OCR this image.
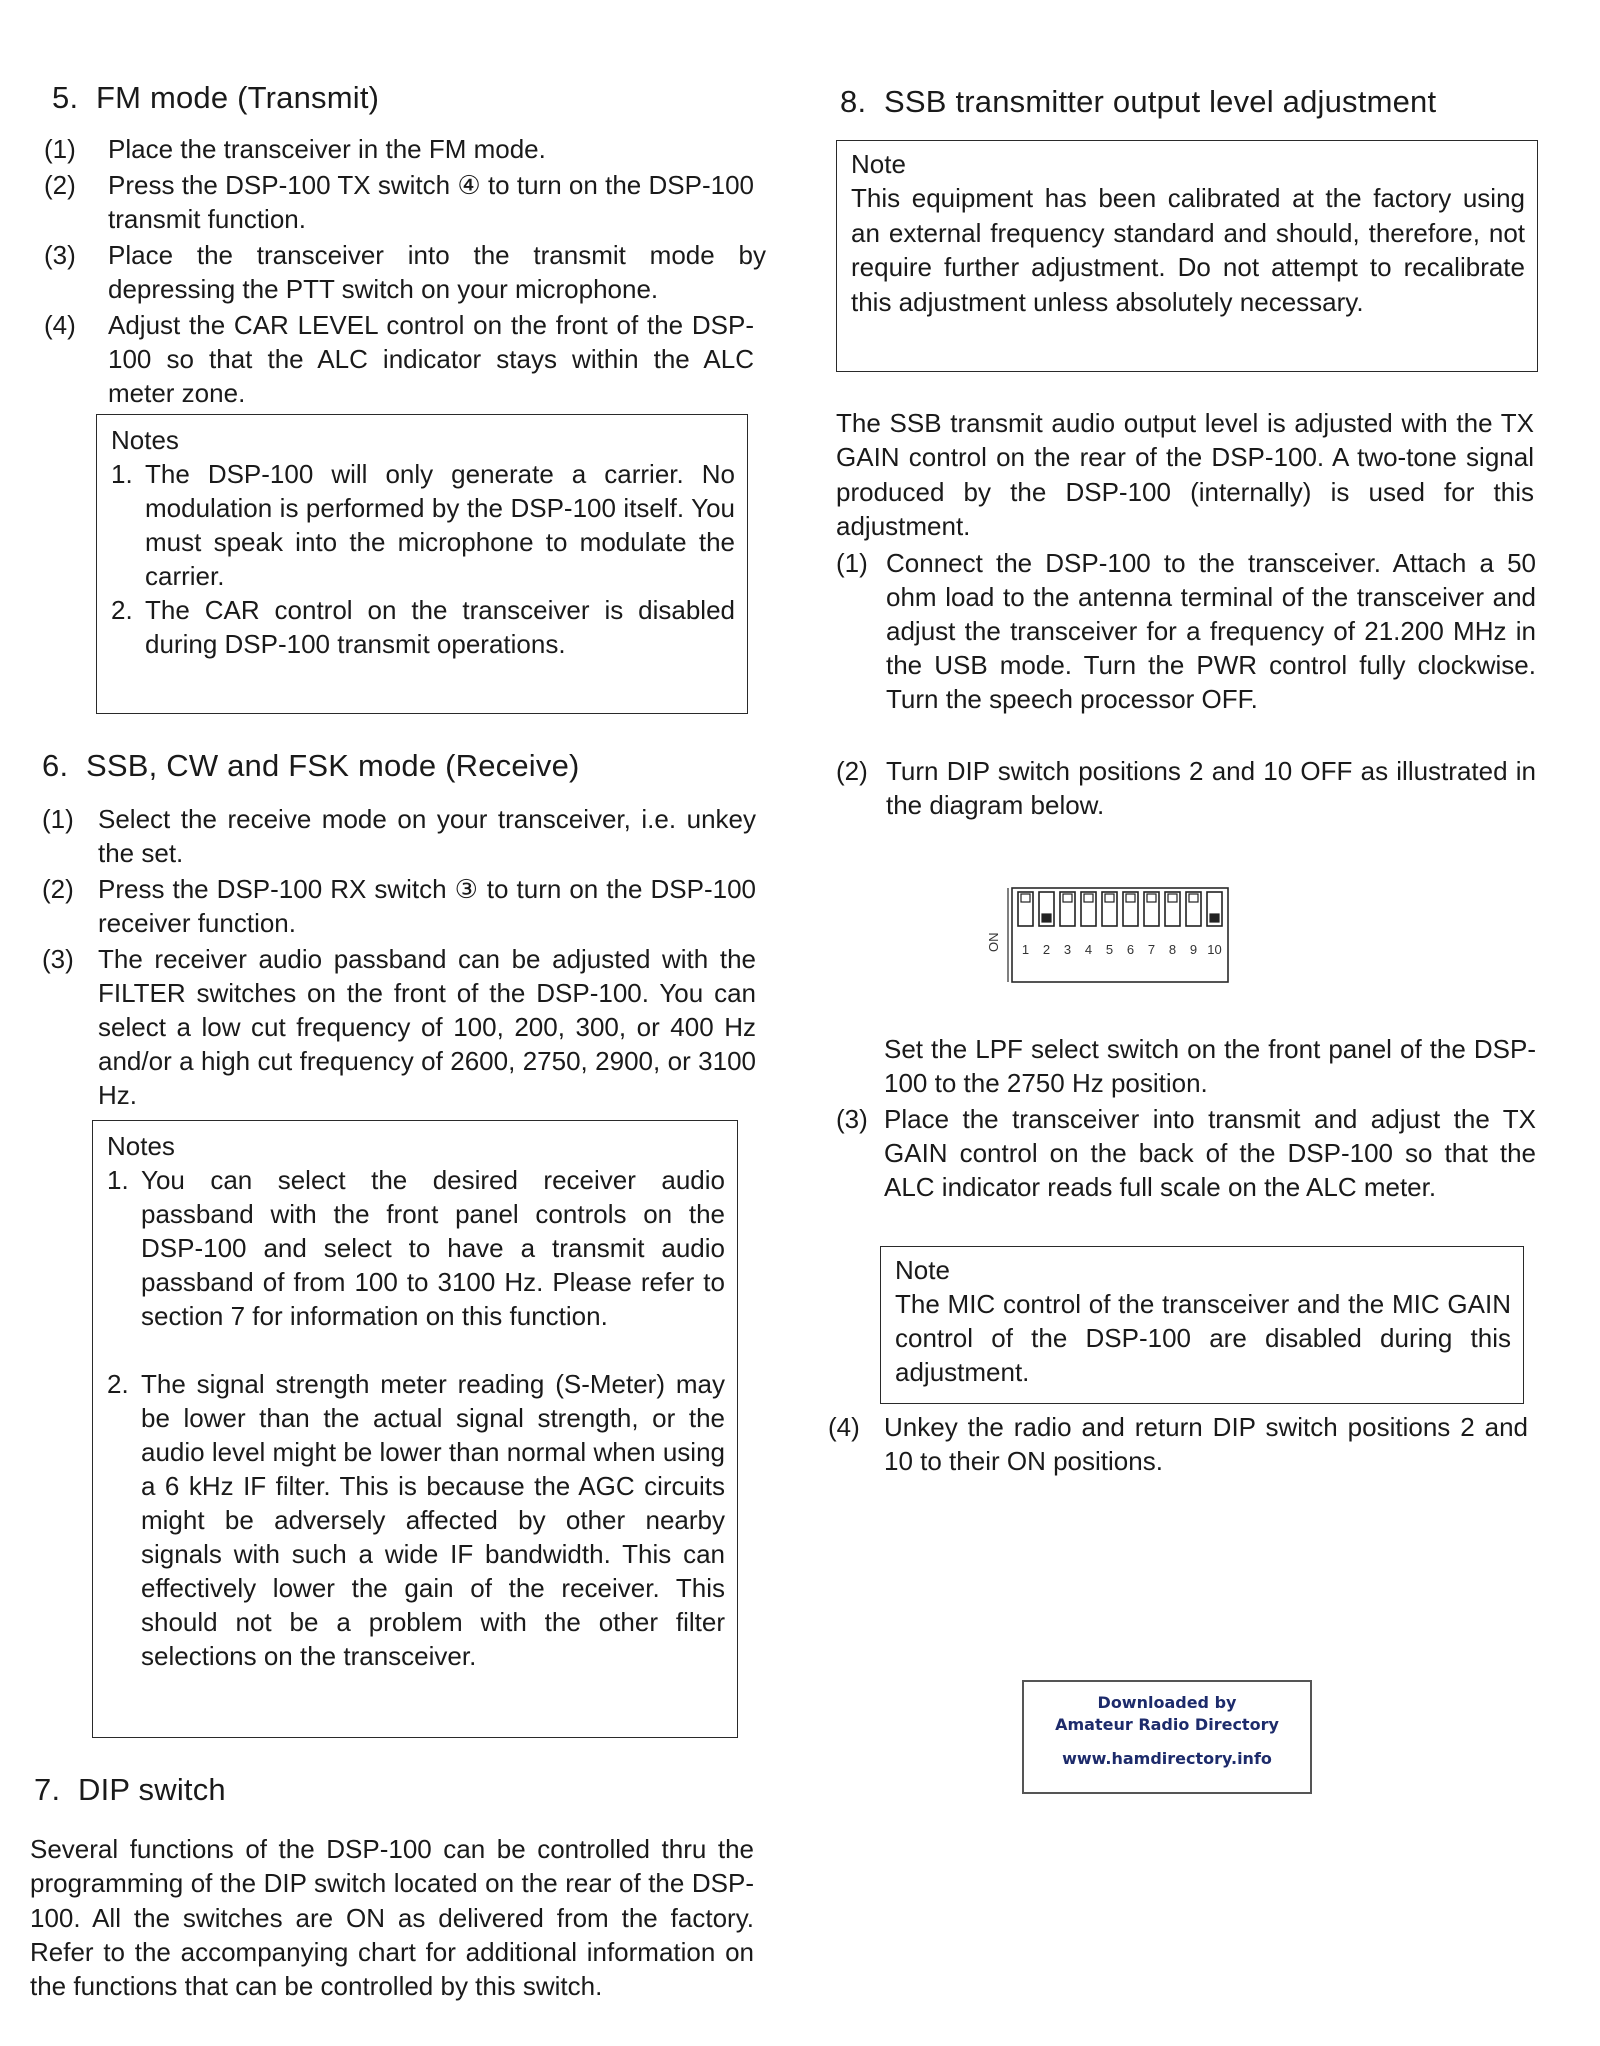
5. FM mode (Transmit)
(1) Place the transceiver in the FM mode.
(2) Press the DSP-100 TX switch ④ to turn on the DSP-100 transmit function.
(3) Place the transceiver into the transmit mode by depressing the PTT switch on your microphone.
(4) Adjust the CAR LEVEL control on the front of the DSP-100 so that the ALC indicator stays within the ALC meter zone.
Notes
1. The DSP-100 will only generate a carrier. No modulation is performed by the DSP-100 itself. You must speak into the microphone to modulate the carrier.
2. The CAR control on the transceiver is disabled during DSP-100 transmit operations.
6. SSB, CW and FSK mode (Receive)
(1) Select the receive mode on your transceiver, i.e. unkey the set.
(2) Press the DSP-100 RX switch ③ to turn on the DSP-100 receiver function.
(3) The receiver audio passband can be adjusted with the FILTER switches on the front of the DSP-100. You can select a low cut frequency of 100, 200, 300, or 400 Hz and/or a high cut frequency of 2600, 2750, 2900, or 3100 Hz.
Notes
1. You can select the desired receiver audio passband with the front panel controls on the DSP-100 and select to have a transmit audio passband of from 100 to 3100 Hz. Please refer to section 7 for information on this function.
2. The signal strength meter reading (S-Meter) may be lower than the actual signal strength, or the audio level might be lower than normal when using a 6 kHz IF filter. This is because the AGC circuits might be adversely affected by other nearby signals with such a wide IF bandwidth. This can effectively lower the gain of the receiver. This should not be a problem with the other filter selections on the transceiver.
7. DIP switch
Several functions of the DSP-100 can be controlled thru the programming of the DIP switch located on the rear of the DSP-100. All the switches are ON as delivered from the factory. Refer to the accompanying chart for additional information on the functions that can be controlled by this switch.
8. SSB transmitter output level adjustment
Note
This equipment has been calibrated at the factory using an external frequency standard and should, therefore, not require further adjustment. Do not attempt to recalibrate this adjustment unless absolutely necessary.
The SSB transmit audio output level is adjusted with the TX GAIN control on the rear of the DSP-100. A two-tone signal produced by the DSP-100 (internally) is used for this adjustment.
(1) Connect the DSP-100 to the transceiver. Attach a 50 ohm load to the antenna terminal of the transceiver and adjust the transceiver for a frequency of 21.200 MHz in the USB mode. Turn the PWR control fully clockwise. Turn the speech processor OFF.
(2) Turn DIP switch positions 2 and 10 OFF as illustrated in the diagram below.
ON 1 2 3 4 5 6 7 8 9 10
Set the LPF select switch on the front panel of the DSP-100 to the 2750 Hz position.
(3) Place the transceiver into transmit and adjust the TX GAIN control on the back of the DSP-100 so that the ALC indicator reads full scale on the ALC meter.
Note
The MIC control of the transceiver and the MIC GAIN control of the DSP-100 are disabled during this adjustment.
(4) Unkey the radio and return DIP switch positions 2 and 10 to their ON positions.
Downloaded by
Amateur Radio Directory
www.hamdirectory.info
